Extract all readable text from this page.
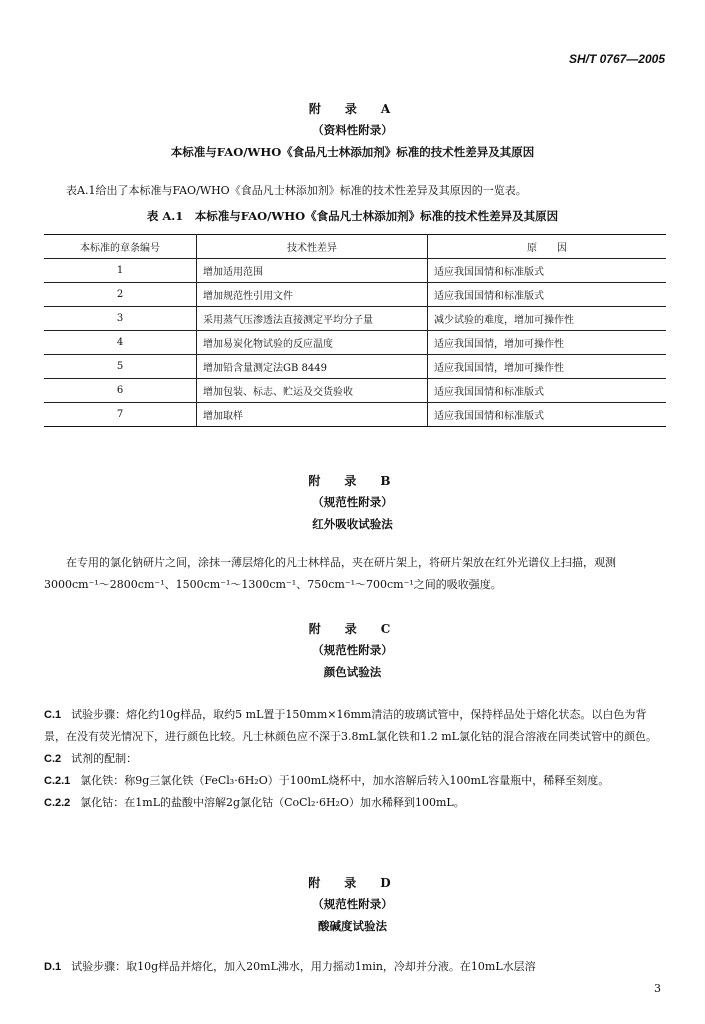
SH/T 0767—2005
附　录　A
（资料性附录）
本标准与FAO/WHO《食品凡士林添加剂》标准的技术性差异及其原因
表A.1给出了本标准与FAO/WHO《食品凡士林添加剂》标准的技术性差异及其原因的一览表。
表 A.1　本标准与FAO/WHO《食品凡士林添加剂》标准的技术性差异及其原因
本标准的章条编号	技术性差异	原　　因
1	增加适用范围	适应我国国情和标准版式
2	增加规范性引用文件	适应我国国情和标准版式
3	采用蒸气压渗透法直接测定平均分子量	减少试验的难度，增加可操作性
4	增加易炭化物试验的反应温度	适应我国国情，增加可操作性
5	增加铅含量测定法GB 8449	适应我国国情，增加可操作性
6	增加包装、标志、贮运及交货验收	适应我国国情和标准版式
7	增加取样	适应我国国情和标准版式
附　录　B
（规范性附录）
红外吸收试验法
在专用的氯化钠研片之间，涂抹一薄层熔化的凡士林样品，夹在研片架上，将研片架放在红外光谱仪上扫描，观测3000cm⁻¹～2800cm⁻¹、1500cm⁻¹～1300cm⁻¹、750cm⁻¹～700cm⁻¹之间的吸收强度。
附　录　C
（规范性附录）
颜色试验法
C.1 试验步骤：熔化约10g样品，取约5 mL置于150mm×16mm清洁的玻璃试管中，保持样品处于熔化状态。以白色为背景，在没有荧光情况下，进行颜色比较。凡士林颜色应不深于3.8mL氯化铁和1.2 mL氯化钴的混合溶液在同类试管中的颜色。
C.2 试剂的配制：
C.2.1 氯化铁：称9g三氯化铁（FeCl₃·6H₂O）于100mL烧杯中，加水溶解后转入100mL容量瓶中，稀释至刻度。
C.2.2 氯化钴：在1mL的盐酸中溶解2g氯化钴（CoCl₂·6H₂O）加水稀释到100mL。
附　录　D
（规范性附录）
酸碱度试验法
D.1 试验步骤：取10g样品并熔化，加入20mL沸水，用力摇动1min，冷却并分液。在10mL水层溶
3
